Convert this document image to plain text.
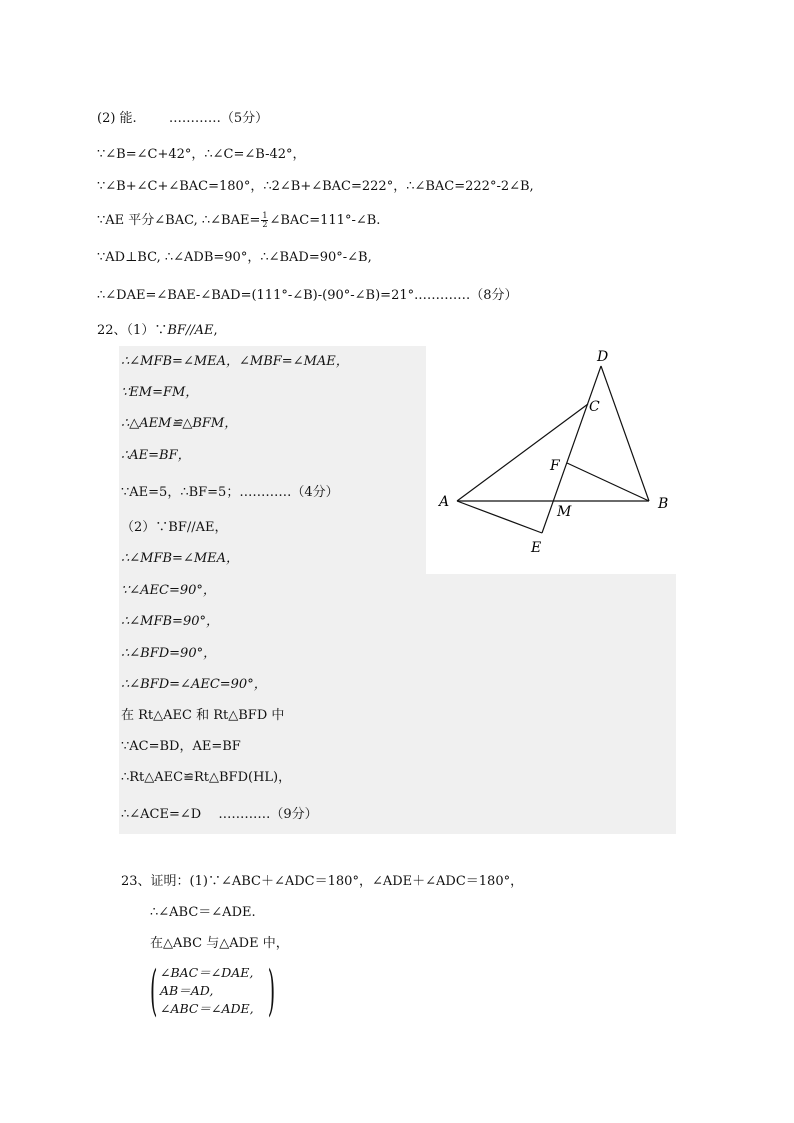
(2) 能. …………（5分）
∵∠B=∠C+42°，∴∠C=∠B-42°，
∵∠B+∠C+∠BAC=180°，∴2∠B+∠BAC=222°，∴∠BAC=222°-2∠B,
∵AE 平分∠BAC, ∴∠BAE= $\frac{1}{2}$ ∠BAC=111°-∠B.
∵AD⊥BC, ∴∠ADB=90°，∴∠BAD=90°-∠B,
∴∠DAE=∠BAE-∠BAD=(111°-∠B)-(90°-∠B)=21°.…………（8分）
22、（1）∵BF//AE,
∴∠MFB=∠MEA，∠MBF=∠MAE，
∵EM=FM，
∴△AEM≌△BFM，
∴AE=BF，
∵AE=5，∴BF=5；…………（4分）
（2）∵BF//AE，
∴∠MFB=∠MEA，
∵∠AEC=90°，
∴∠MFB=90°，
∴∠BFD=90°，
∴∠BFD=∠AEC=90°，
在 Rt△AEC 和 Rt△BFD 中
∵AC=BD，AE=BF
∴Rt△AEC≌Rt△BFD(HL)，
∴∠ACE=∠D　 …………（9分）
D
C
F
A	B
M
E
23、证明：(1)∵∠ABC＋∠ADC＝180°，∠ADE＋∠ADC＝180°，
∴∠ABC＝∠ADE.
在△ABC 与△ADE 中，
( ∠BAC＝∠DAE,
AB＝AD,
∠ABC＝∠ADE, )
